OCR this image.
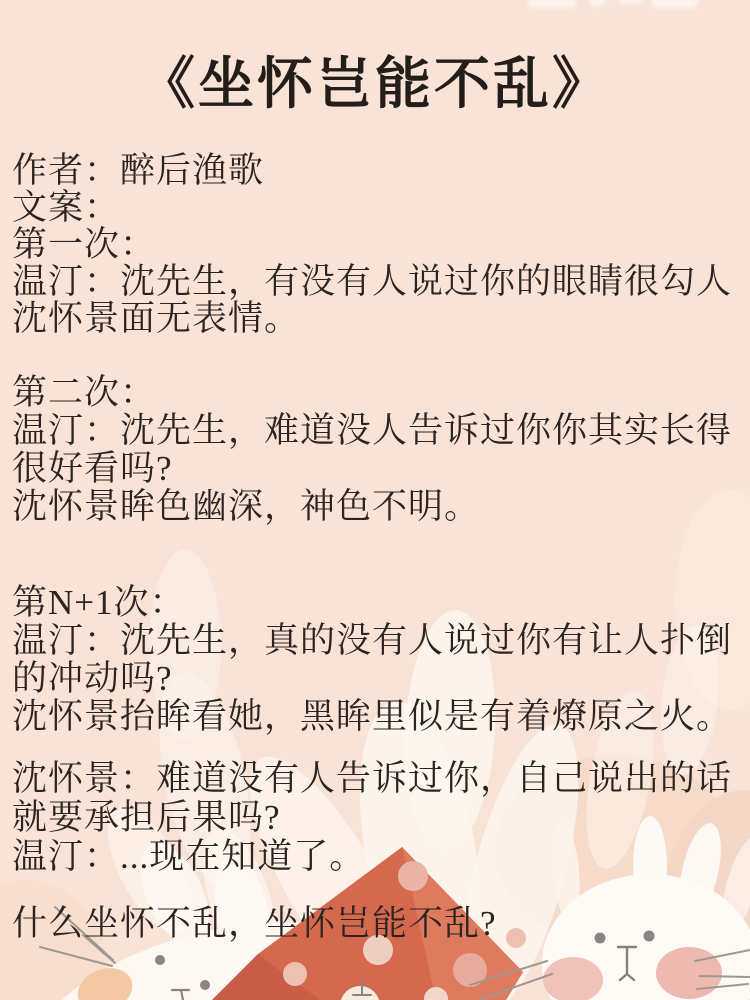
《坐怀岂能不乱》
作者：醉后渔歌
文案：
第一次：
温汀：沈先生，有没有人说过你的眼睛很勾人
沈怀景面无表情。
第二次：
温汀：沈先生，难道没人告诉过你你其实长得
很好看吗?
沈怀景眸色幽深，神色不明。
第N+1次：
温汀：沈先生，真的没有人说过你有让人扑倒
的冲动吗?
沈怀景抬眸看她，黑眸里似是有着燎原之火。
沈怀景：难道没有人告诉过你，自己说出的话
就要承担后果吗?
温汀：...现在知道了。
什么坐怀不乱，坐怀岂能不乱?
